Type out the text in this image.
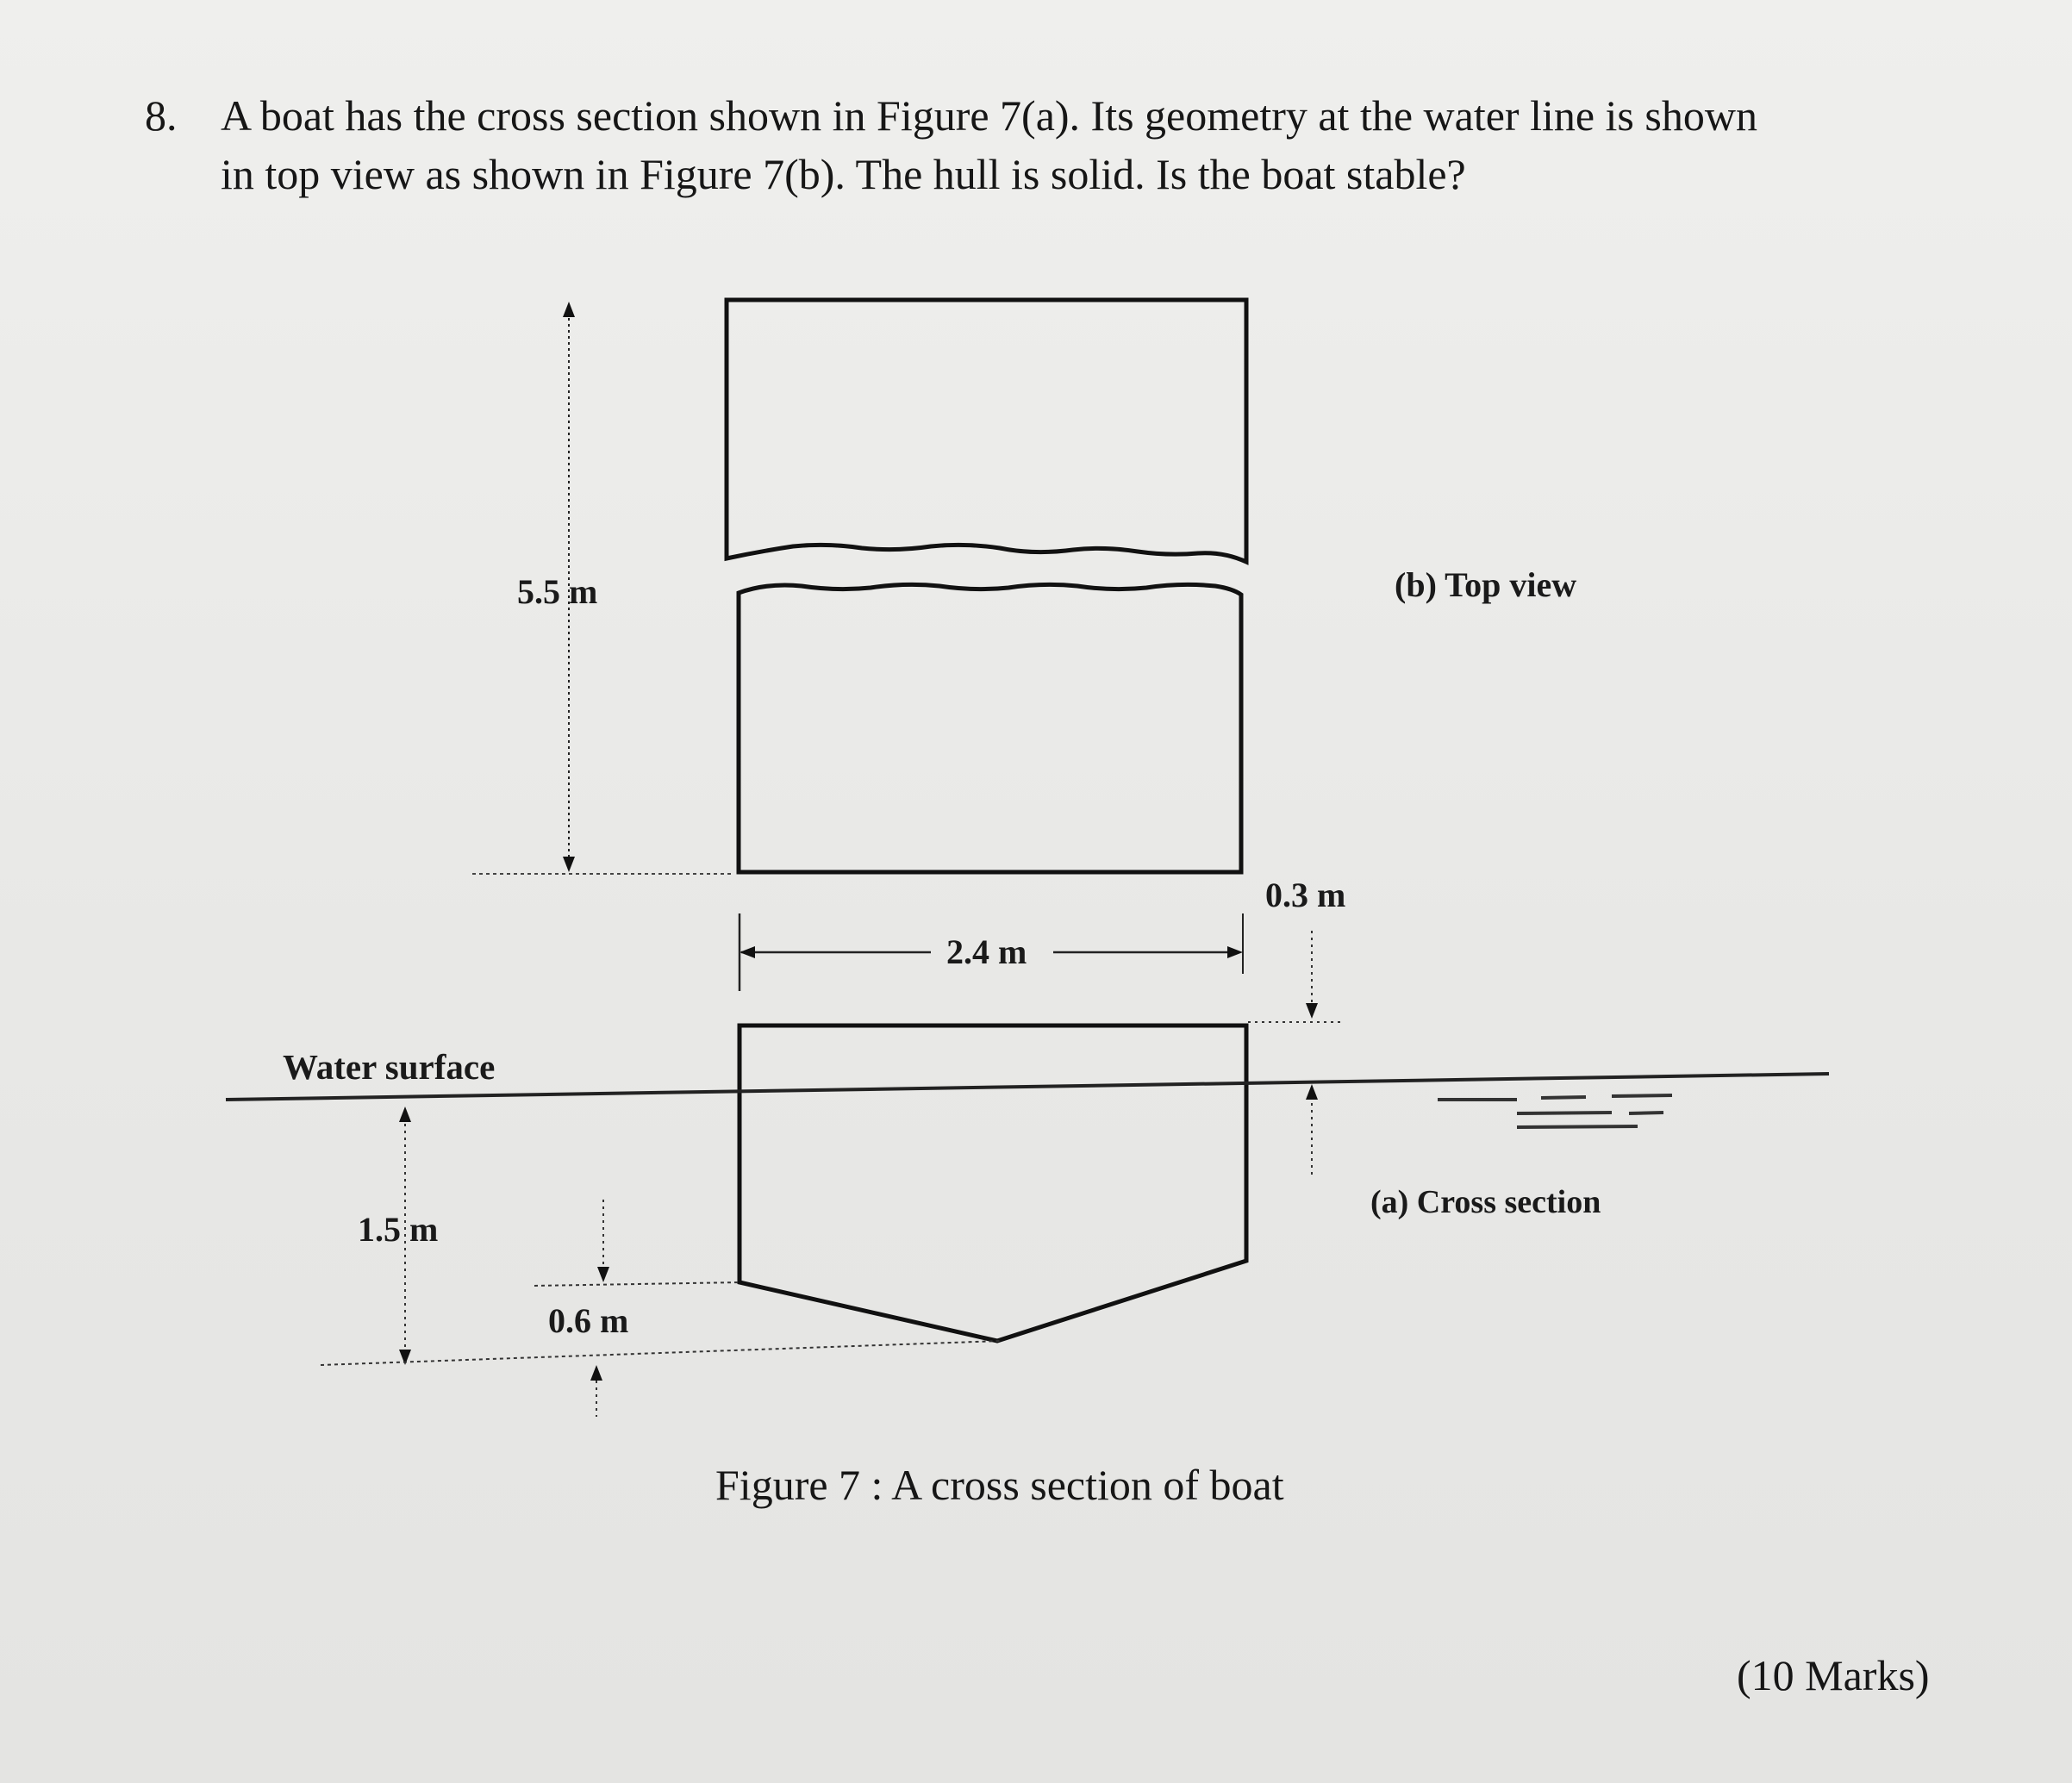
8. A boat has the cross section shown in Figure 7(a). Its geometry at the water line is shown
in top view as shown in Figure 7(b). The hull is solid. Is the boat stable?
5.5 m
2.4 m
0.3 m
Water surface
1.5 m
0.6 m
(b) Top view
(a) Cross section
Figure 7 : A cross section of boat
(10 Marks)
